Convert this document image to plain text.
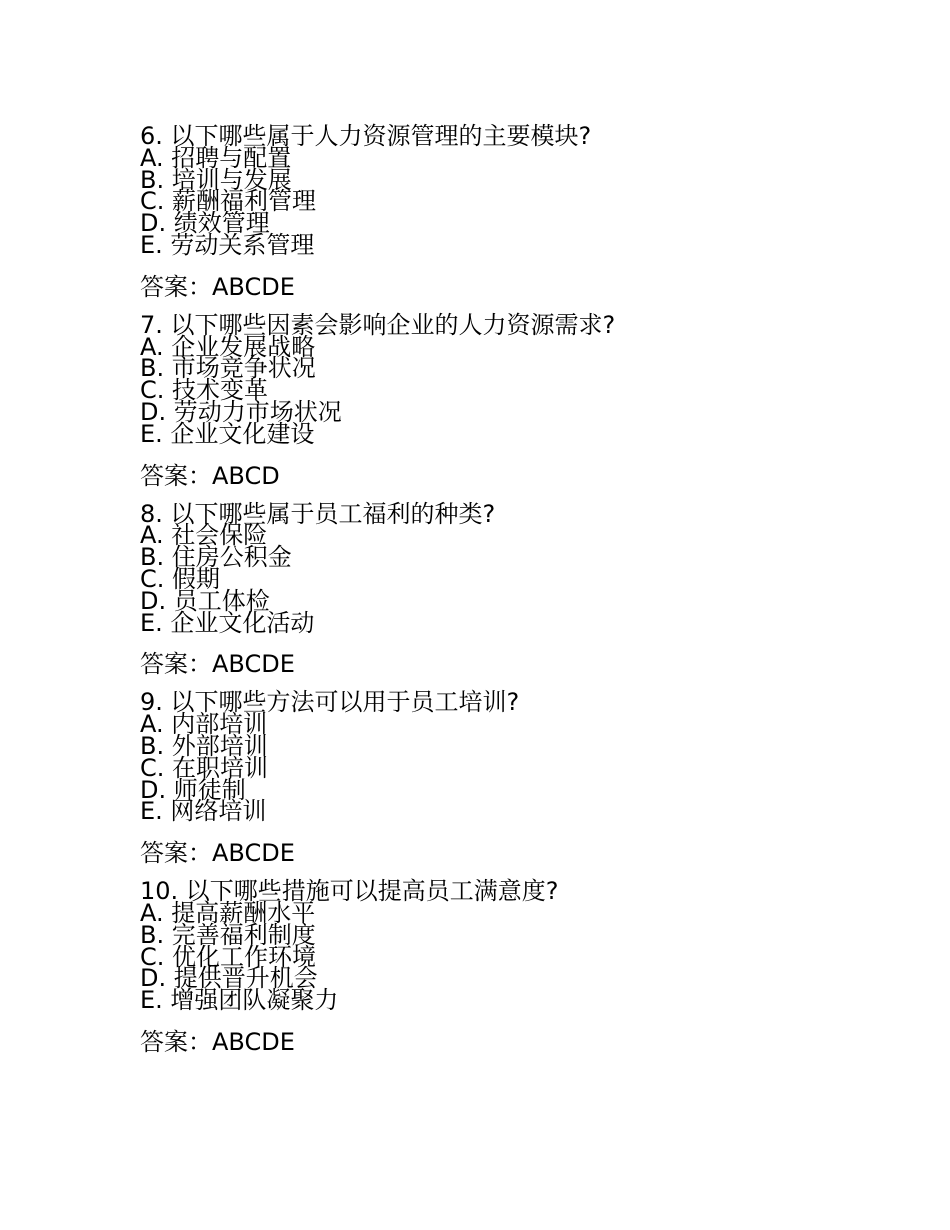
6. 以下哪些属于人力资源管理的主要模块?
A. 招聘与配置
B. 培训与发展
C. 薪酬福利管理
D. 绩效管理
E. 劳动关系管理
答案：ABCDE
7. 以下哪些因素会影响企业的人力资源需求?
A. 企业发展战略
B. 市场竞争状况
C. 技术变革
D. 劳动力市场状况
E. 企业文化建设
答案：ABCD
8. 以下哪些属于员工福利的种类?
A. 社会保险
B. 住房公积金
C. 假期
D. 员工体检
E. 企业文化活动
答案：ABCDE
9. 以下哪些方法可以用于员工培训?
A. 内部培训
B. 外部培训
C. 在职培训
D. 师徒制
E. 网络培训
答案：ABCDE
10. 以下哪些措施可以提高员工满意度?
A. 提高薪酬水平
B. 完善福利制度
C. 优化工作环境
D. 提供晋升机会
E. 增强团队凝聚力
答案：ABCDE
